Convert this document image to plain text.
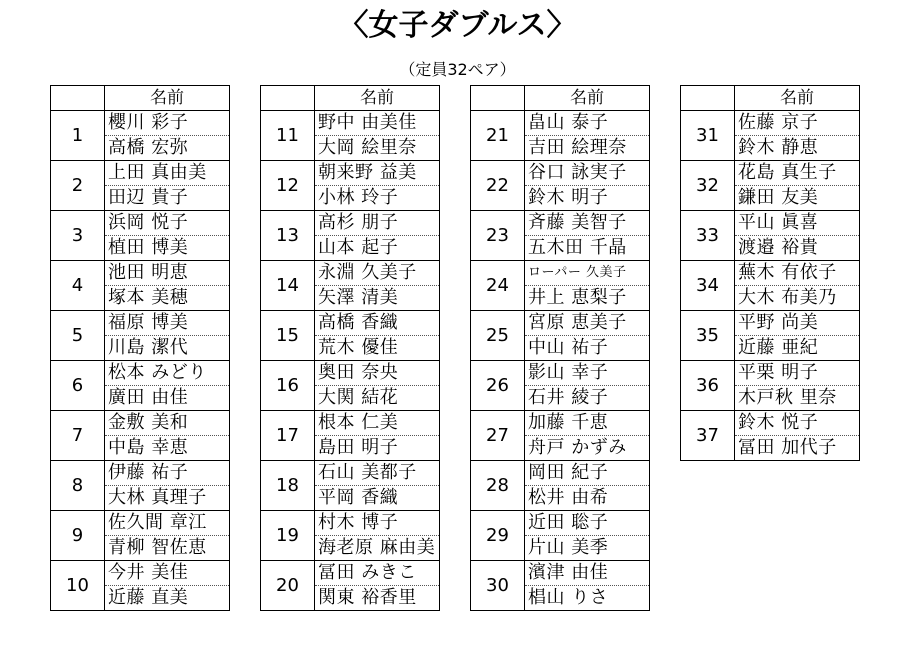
〈女子ダブルス〉
（定員32ペア）
	名前
1	櫻川 彩子
	高橋 宏弥
2	上田 真由美
	田辺 貴子
3	浜岡 悦子
	植田 博美
4	池田 明恵
	塚本 美穂
5	福原 博美
	川島 潔代
6	松本 みどり
	廣田 由佳
7	金敷 美和
	中島 幸恵
8	伊藤 祐子
	大林 真理子
9	佐久間 章江
	青柳 智佐恵
10	今井 美佳
	近藤 直美
	名前
11	野中 由美佳
	大岡 絵里奈
12	朝来野 益美
	小林 玲子
13	高杉 朋子
	山本 起子
14	永淵 久美子
	矢澤 清美
15	高橋 香織
	荒木 優佳
16	奥田 奈央
	大関 結花
17	根本 仁美
	島田 明子
18	石山 美都子
	平岡 香織
19	村木 博子
	海老原 麻由美
20	冨田 みきこ
	関東 裕香里
	名前
21	畠山 泰子
	吉田 絵理奈
22	谷口 詠実子
	鈴木 明子
23	斉藤 美智子
	五木田 千晶
24	ローパー 久美子
	井上 恵梨子
25	宮原 恵美子
	中山 祐子
26	影山 幸子
	石井 綾子
27	加藤 千恵
	舟戸 かずみ
28	岡田 紀子
	松井 由希
29	近田 聡子
	片山 美季
30	濱津 由佳
	椙山 りさ
	名前
31	佐藤 京子
	鈴木 静恵
32	花島 真生子
	鎌田 友美
33	平山 眞喜
	渡邉 裕貴
34	蕪木 有依子
	大木 布美乃
35	平野 尚美
	近藤 亜紀
36	平栗 明子
	木戸秋 里奈
37	鈴木 悦子
	冨田 加代子
